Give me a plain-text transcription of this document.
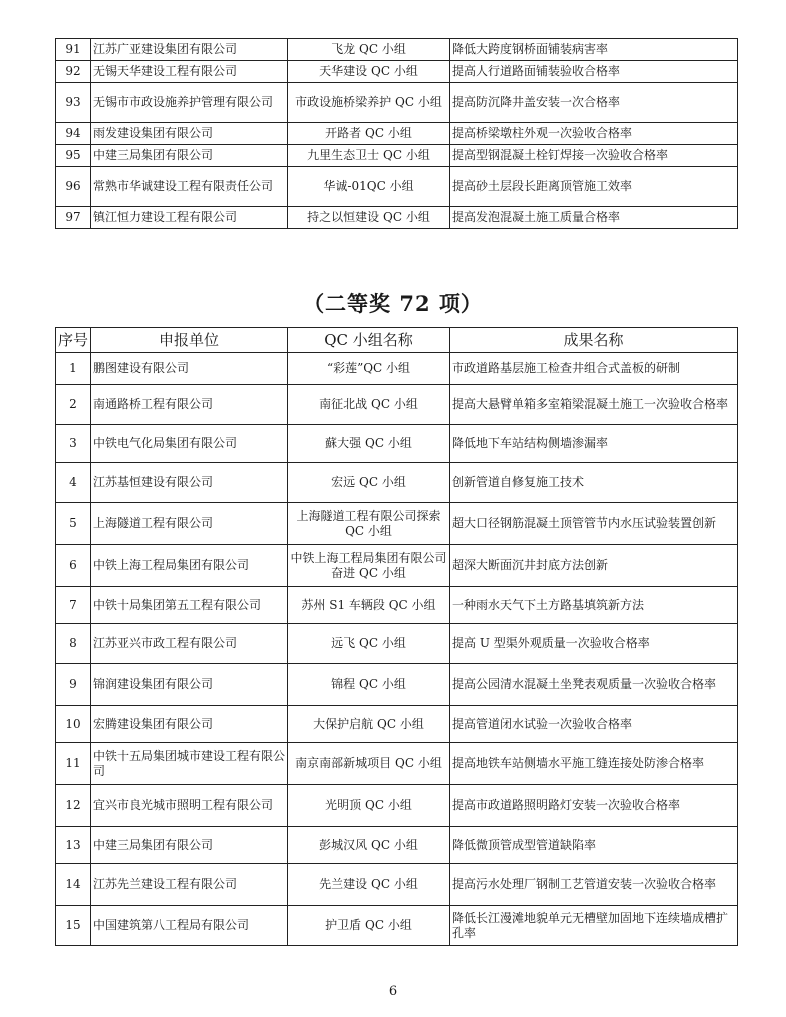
91	江苏广亚建设集团有限公司	飞龙 QC 小组	降低大跨度钢桥面铺装病害率
92	无锡天华建设工程有限公司	天华建设 QC 小组	提高人行道路面铺装验收合格率
93	无锡市市政设施养护管理有限公司	市政设施桥梁养护 QC 小组	提高防沉降井盖安装一次合格率
94	雨发建设集团有限公司	开路者 QC 小组	提高桥梁墩柱外观一次验收合格率
95	中建三局集团有限公司	九里生态卫士 QC 小组	提高型钢混凝土栓钉焊接一次验收合格率
96	常熟市华诚建设工程有限责任公司	华诚-01QC 小组	提高砂土层段长距离顶管施工效率
97	镇江恒力建设工程有限公司	持之以恒建设 QC 小组	提高发泡混凝土施工质量合格率
（二等奖 72 项）
序号	申报单位	QC 小组名称	成果名称
1	鹏图建设有限公司	“彩莲”QC 小组	市政道路基层施工检查井组合式盖板的研制
2	南通路桥工程有限公司	南征北战 QC 小组	提高大悬臂单箱多室箱梁混凝土施工一次验收合格率
3	中铁电气化局集团有限公司	蘇大强 QC 小组	降低地下车站结构侧墙渗漏率
4	江苏基恒建设有限公司	宏远 QC 小组	创新管道自修复施工技术
5	上海隧道工程有限公司	上海隧道工程有限公司探索 QC 小组	超大口径钢筋混凝土顶管管节内水压试验装置创新
6	中铁上海工程局集团有限公司	中铁上海工程局集团有限公司奋进 QC 小组	超深大断面沉井封底方法创新
7	中铁十局集团第五工程有限公司	苏州 S1 车辆段 QC 小组	一种雨水天气下土方路基填筑新方法
8	江苏亚兴市政工程有限公司	远飞 QC 小组	提高 U 型渠外观质量一次验收合格率
9	锦润建设集团有限公司	锦程 QC 小组	提高公园清水混凝土坐凳表观质量一次验收合格率
10	宏腾建设集团有限公司	大保护启航 QC 小组	提高管道闭水试验一次验收合格率
11	中铁十五局集团城市建设工程有限公司	南京南部新城项目 QC 小组	提高地铁车站侧墙水平施工缝连接处防渗合格率
12	宜兴市良光城市照明工程有限公司	光明顶 QC 小组	提高市政道路照明路灯安装一次验收合格率
13	中建三局集团有限公司	彭城汉风 QC 小组	降低微顶管成型管道缺陷率
14	江苏先兰建设工程有限公司	先兰建设 QC 小组	提高污水处理厂钢制工艺管道安装一次验收合格率
15	中国建筑第八工程局有限公司	护卫盾 QC 小组	降低长江漫滩地貌单元无槽壁加固地下连续墙成槽扩孔率
6
